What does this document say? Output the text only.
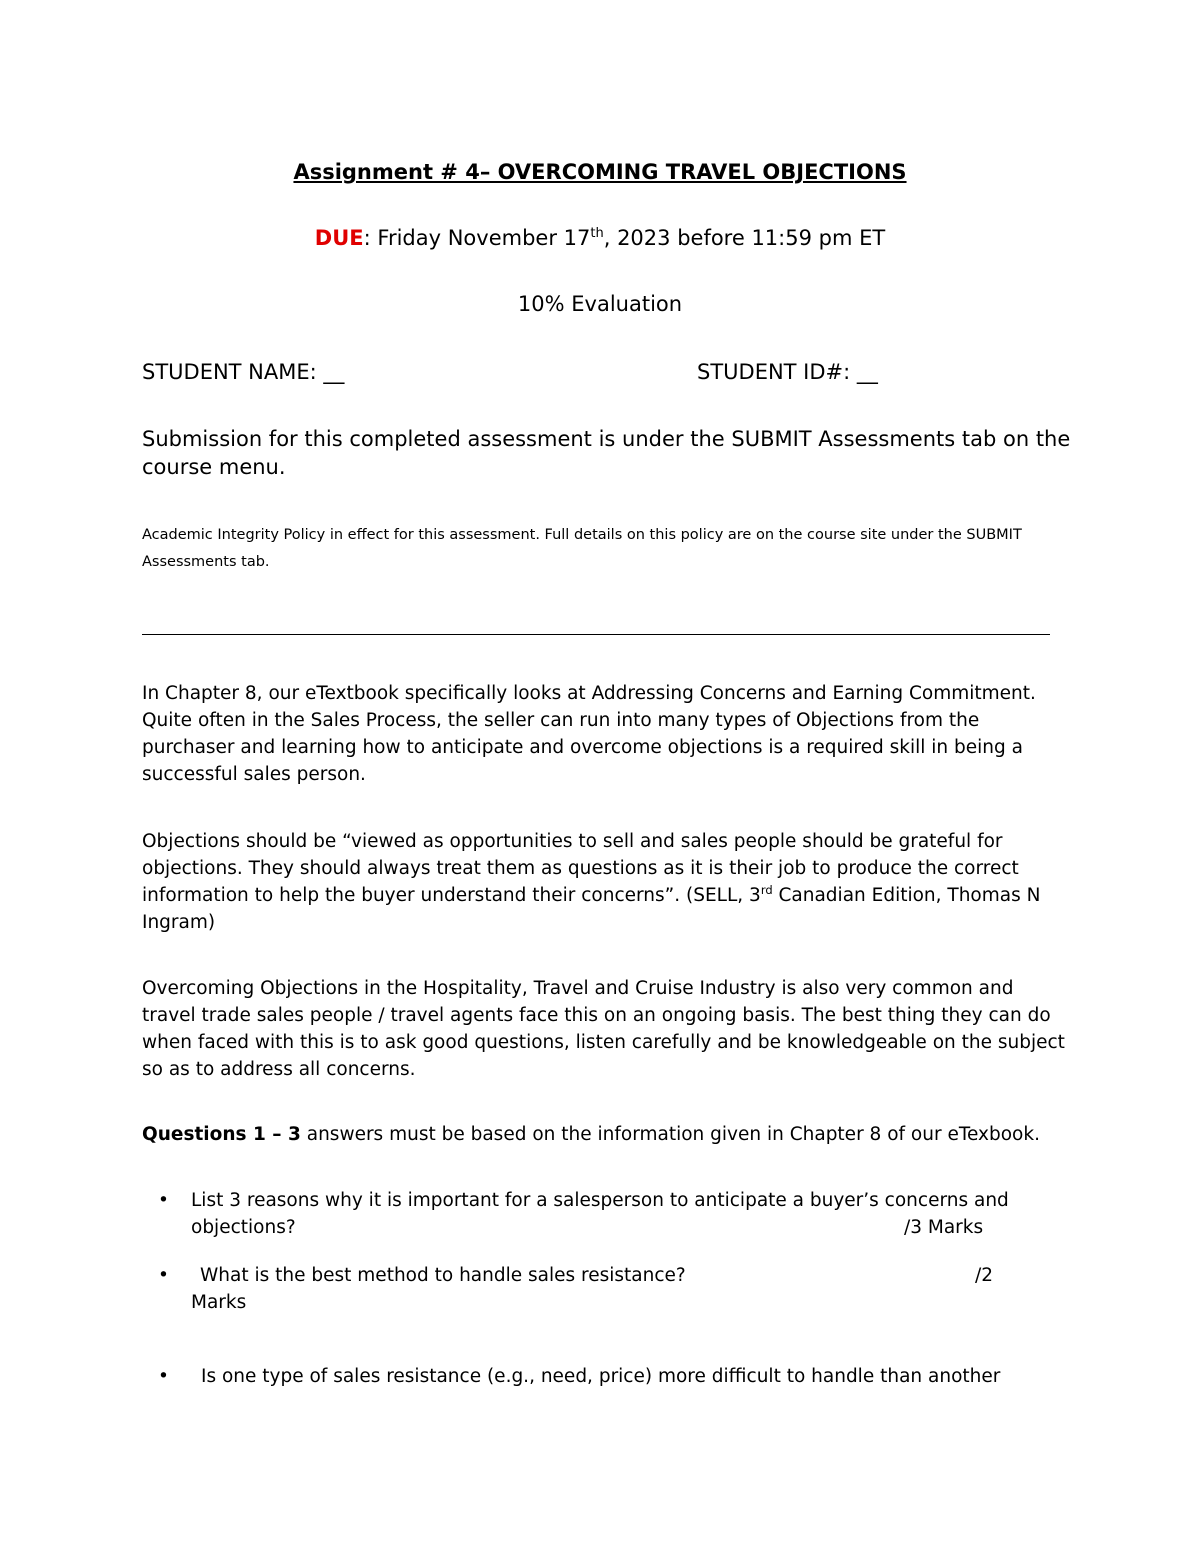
Assignment # 4– OVERCOMING TRAVEL OBJECTIONS
DUE: Friday November 17th, 2023 before 11:59 pm ET
10% Evaluation
STUDENT NAME: __	STUDENT ID#: __
Submission for this completed assessment is under the SUBMIT Assessments tab on the course menu.
Academic Integrity Policy in effect for this assessment. Full details on this policy are on the course site under the SUBMIT Assessments tab.
In Chapter 8, our eTextbook specifically looks at Addressing Concerns and Earning Commitment. Quite often in the Sales Process, the seller can run into many types of Objections from the purchaser and learning how to anticipate and overcome objections is a required skill in being a successful sales person.
Objections should be “viewed as opportunities to sell and sales people should be grateful for objections. They should always treat them as questions as it is their job to produce the correct information to help the buyer understand their concerns”. (SELL, 3rd Canadian Edition, Thomas N Ingram)
Overcoming Objections in the Hospitality, Travel and Cruise Industry is also very common and travel trade sales people / travel agents face this on an ongoing basis. The best thing they can do when faced with this is to ask good questions, listen carefully and be knowledgeable on the subject so as to address all concerns.
Questions 1 – 3 answers must be based on the information given in Chapter 8 of our eTexbook.
• List 3 reasons why it is important for a salesperson to anticipate a buyer’s concerns and
objections?	/3 Marks
• What is the best method to handle sales resistance?	/2
Marks
• Is one type of sales resistance (e.g., need, price) more difficult to handle than another
